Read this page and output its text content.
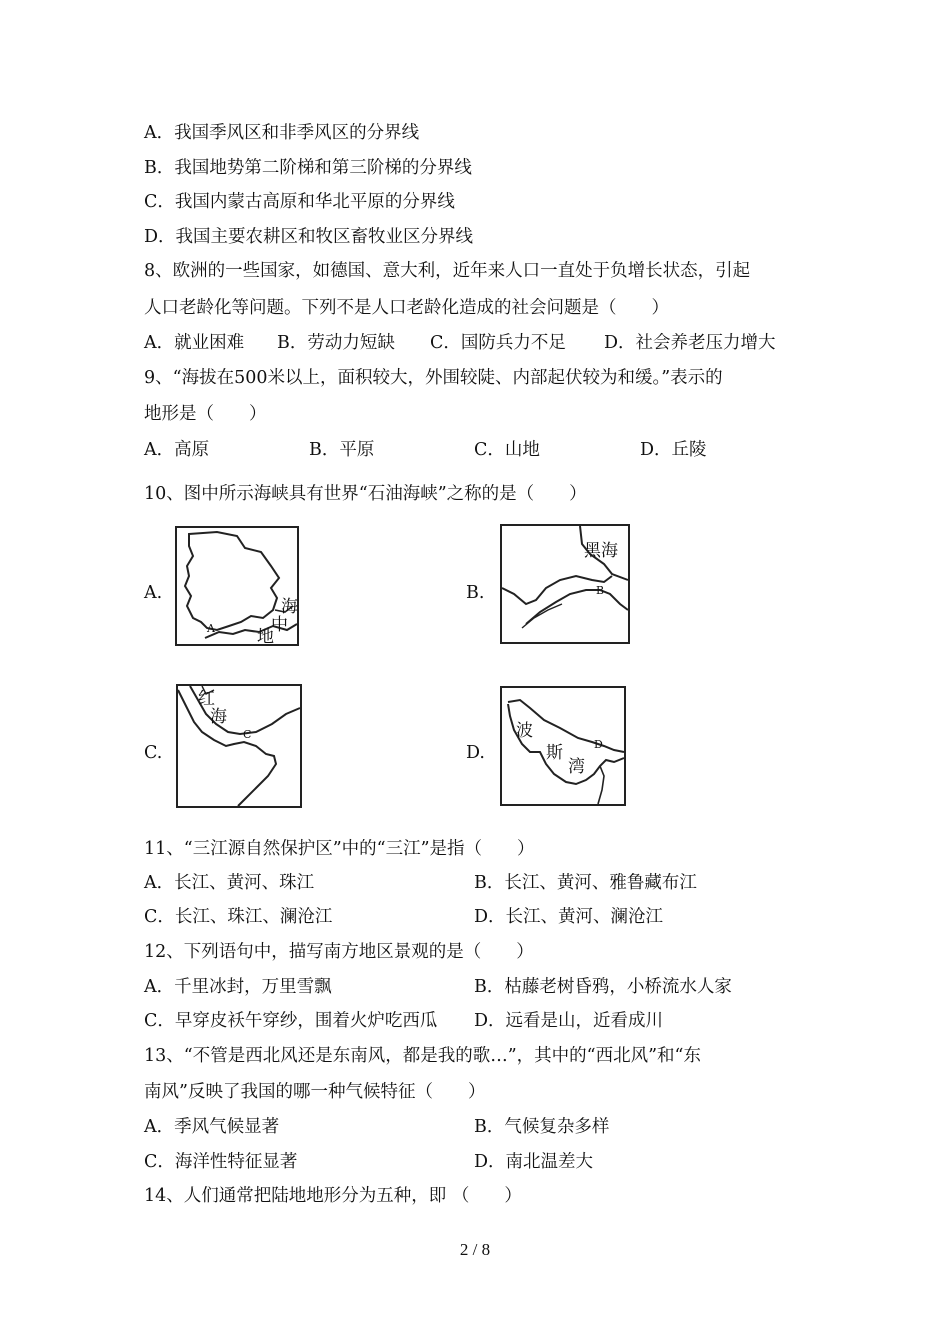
A．我国季风区和非季风区的分界线
B．我国地势第二阶梯和第三阶梯的分界线
C．我国内蒙古高原和华北平原的分界线
D．我国主要农耕区和牧区畜牧业区分界线
8、欧洲的一些国家，如德国、意大利，近年来人口一直处于负增长状态，引起
人口老龄化等问题。下列不是人口老龄化造成的社会问题是（　　）
A．就业困难 B．劳动力短缺 C．国防兵力不足 D．社会养老压力增大
9、“海拔在500米以上，面积较大，外围较陡、内部起伏较为和缓。”表示的
地形是（　　）
A．高原	B．平原	C．山地	D．丘陵
10、图中所示海峡具有世界“石油海峡”之称的是（　　）
A.	B.
C.	D.
海
中
地
A
黑海
B
红
海
C	波
斯
湾
D
11、“三江源自然保护区”中的“三江”是指（　　）
A．长江、黄河、珠江	B．长江、黄河、雅鲁藏布江
C．长江、珠江、澜沧江	D．长江、黄河、澜沧江
12、下列语句中，描写南方地区景观的是（　　）
A．千里冰封，万里雪飘	B．枯藤老树昏鸦，小桥流水人家
C．早穿皮袄午穿纱，围着火炉吃西瓜 D．远看是山，近看成川
13、“不管是西北风还是东南风，都是我的歌…”，其中的“西北风”和“东
南风”反映了我国的哪一种气候特征（　　）
A．季风气候显著	B．气候复杂多样
C．海洋性特征显著	D．南北温差大
14、人们通常把陆地地形分为五种，即 （　　）
2 / 8
